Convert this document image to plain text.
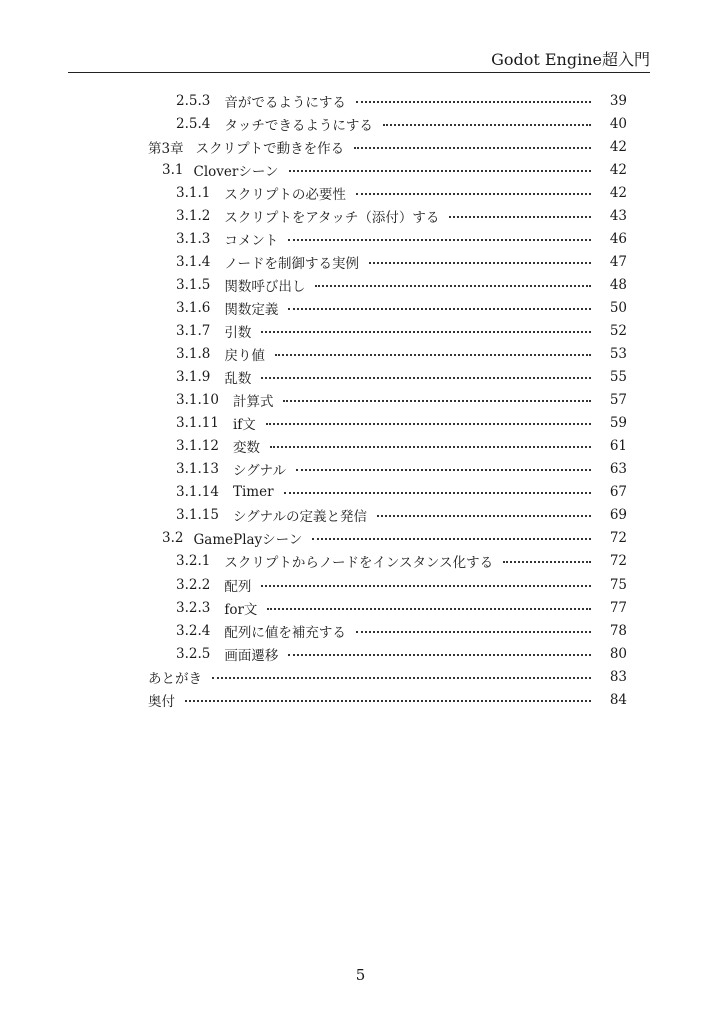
Godot Engine超入門
2.5.3 音がでるようにする	39
2.5.4 タッチできるようにする	40
第3章 スクリプトで動きを作る	42
3.1 Cloverシーン	42
3.1.1 スクリプトの必要性	42
3.1.2 スクリプトをアタッチ（添付）する	43
3.1.3 コメント	46
3.1.4 ノードを制御する実例	47
3.1.5 関数呼び出し	48
3.1.6 関数定義	50
3.1.7 引数	52
3.1.8 戻り値	53
3.1.9 乱数	55
3.1.10 計算式	57
3.1.11 if文	59
3.1.12 変数	61
3.1.13 シグナル	63
3.1.14 Timer	67
3.1.15 シグナルの定義と発信	69
3.2 GamePlayシーン	72
3.2.1 スクリプトからノードをインスタンス化する	72
3.2.2 配列	75
3.2.3 for文	77
3.2.4 配列に値を補充する	78
3.2.5 画面遷移	80
あとがき	83
奥付	84
5
